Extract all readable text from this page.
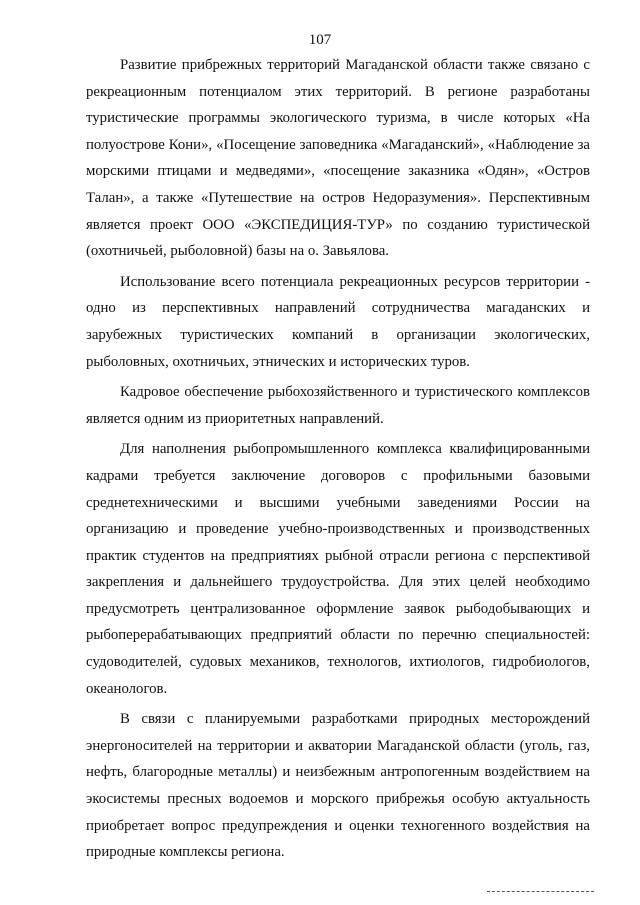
107

Развитие прибрежных территорий Магаданской области также связано с рекреационным потенциалом этих территорий. В регионе разработаны туристические программы экологического туризма, в числе которых «На полуострове Кони», «Посещение заповедника «Магаданский», «Наблюдение за морскими птицами и медведями», «посещение заказника «Одян», «Остров Талан», а также «Путешествие на остров Недоразумения». Перспективным является проект ООО «ЭКСПЕДИЦИЯ-ТУР» по созданию туристической (охотничьей, рыболовной) базы на о. Завьялова.

Использование всего потенциала рекреационных ресурсов территории - одно из перспективных направлений сотрудничества магаданских и зарубежных туристических компаний в организации экологических, рыболовных, охотничьих, этнических и исторических туров.

Кадровое обеспечение рыбохозяйственного и туристического комплексов является одним из приоритетных направлений.

Для наполнения рыбопромышленного комплекса квалифицированными кадрами требуется заключение договоров с профильными базовыми среднетехническими и высшими учебными заведениями России на организацию и проведение учебно-производственных и производственных практик студентов на предприятиях рыбной отрасли региона с перспективой закрепления и дальнейшего трудоустройства. Для этих целей необходимо предусмотреть централизованное оформление заявок рыбодобывающих и рыбоперерабатывающих предприятий области по перечню специальностей: судоводителей, судовых механиков, технологов, ихтиологов, гидробиологов, океанологов.

В связи с планируемыми разработками природных месторождений энергоносителей на территории и акватории Магаданской области (уголь, газ, нефть, благородные металлы) и неизбежным антропогенным воздействием на экосистемы пресных водоемов и морского прибрежья особую актуальность приобретает вопрос предупреждения и оценки техногенного воздействия на природные комплексы региона.
